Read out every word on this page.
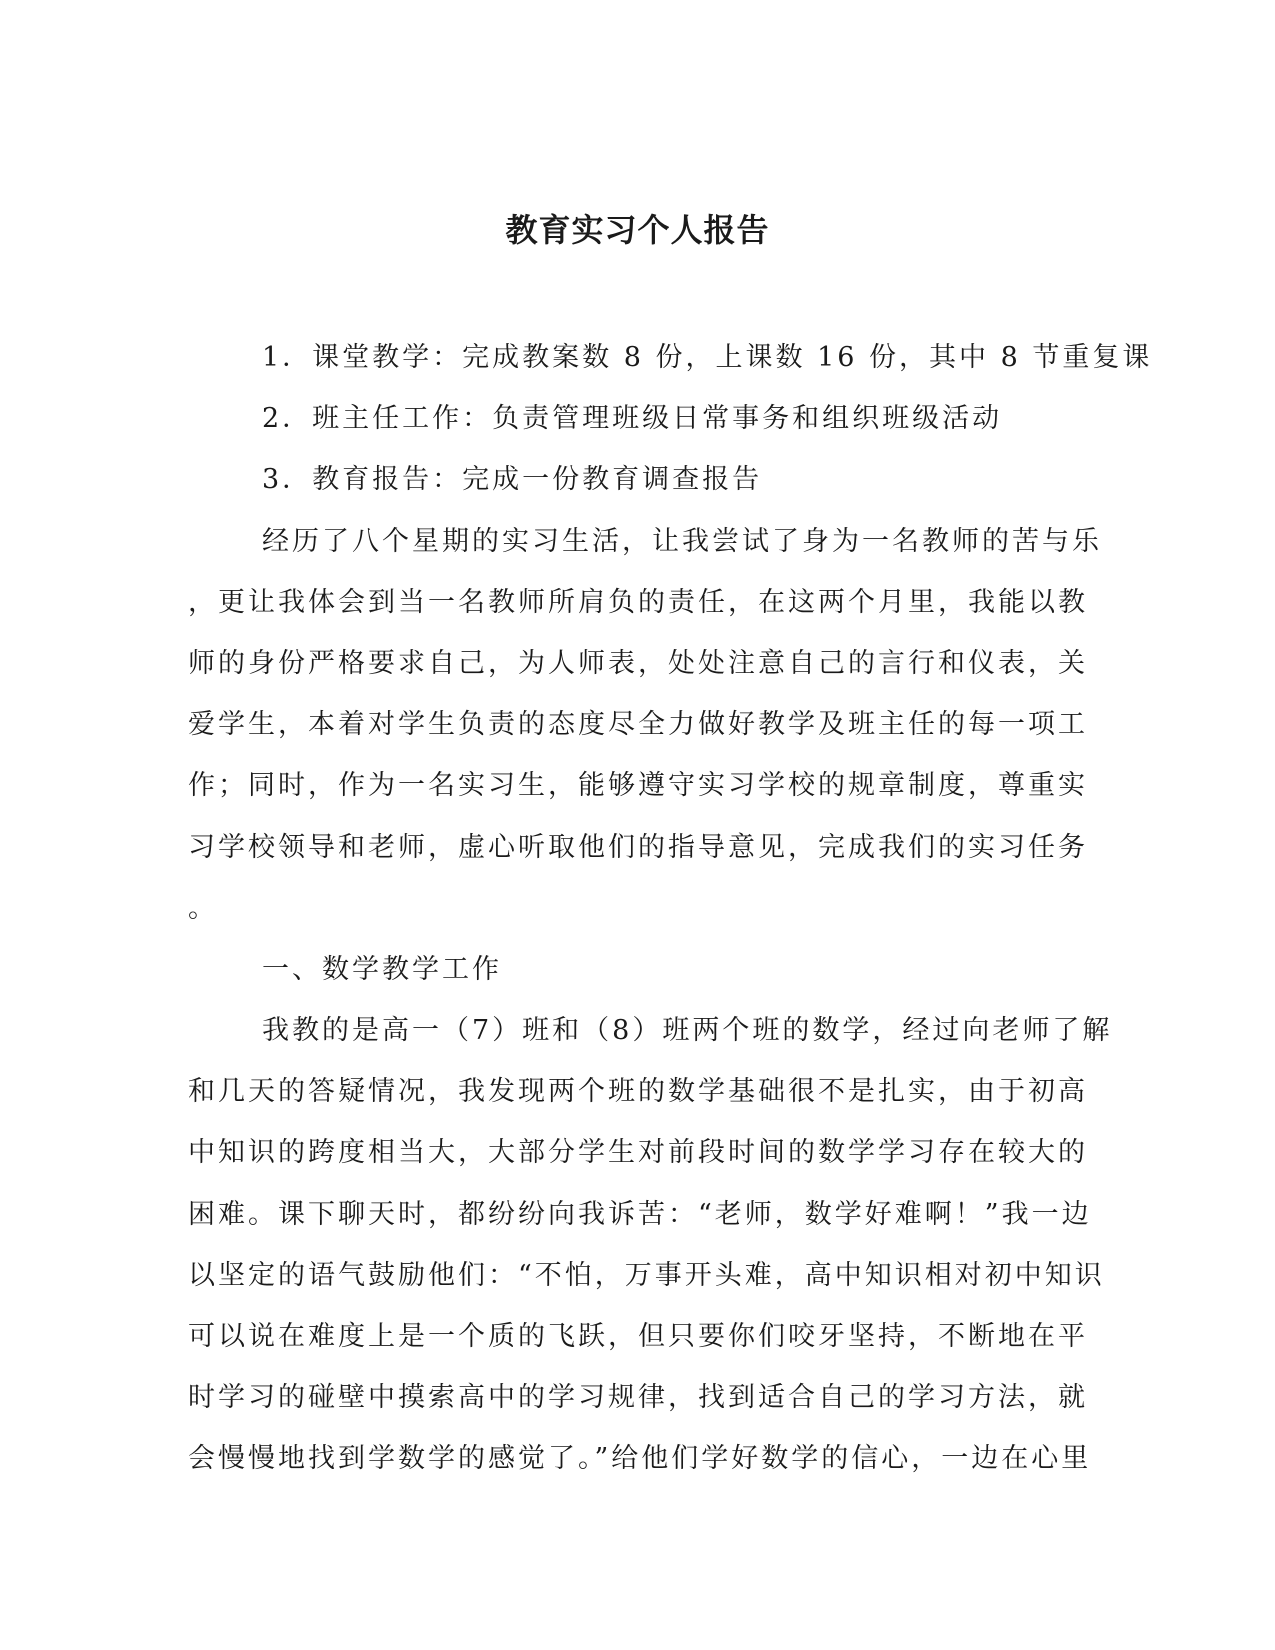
教育实习个人报告
1．课堂教学：完成教案数 8 份，上课数 16 份，其中 8 节重复课
2．班主任工作：负责管理班级日常事务和组织班级活动
3．教育报告：完成一份教育调查报告
经历了八个星期的实习生活，让我尝试了身为一名教师的苦与乐
，更让我体会到当一名教师所肩负的责任，在这两个月里，我能以教
师的身份严格要求自己，为人师表，处处注意自己的言行和仪表，关
爱学生，本着对学生负责的态度尽全力做好教学及班主任的每一项工
作；同时，作为一名实习生，能够遵守实习学校的规章制度，尊重实
习学校领导和老师，虚心听取他们的指导意见，完成我们的实习任务
。
一、数学教学工作
我教的是高一（7）班和（8）班两个班的数学，经过向老师了解
和几天的答疑情况，我发现两个班的数学基础很不是扎实，由于初高
中知识的跨度相当大，大部分学生对前段时间的数学学习存在较大的
困难。课下聊天时，都纷纷向我诉苦：“老师，数学好难啊！”我一边
以坚定的语气鼓励他们：“不怕，万事开头难，高中知识相对初中知识
可以说在难度上是一个质的飞跃，但只要你们咬牙坚持，不断地在平
时学习的碰壁中摸索高中的学习规律，找到适合自己的学习方法，就
会慢慢地找到学数学的感觉了。”给他们学好数学的信心，一边在心里
